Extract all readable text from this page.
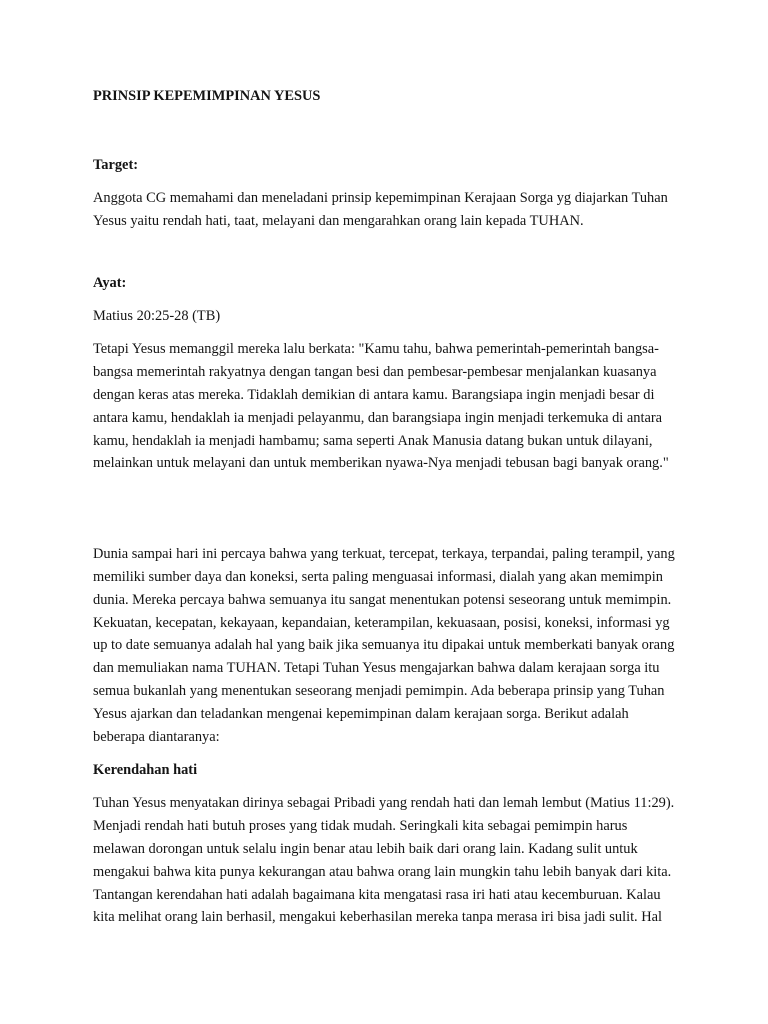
PRINSIP KEPEMIMPINAN YESUS
Target:

Anggota CG memahami dan meneladani prinsip kepemimpinan Kerajaan Sorga yg diajarkan Tuhan
Yesus yaitu rendah hati, taat, melayani dan mengarahkan orang lain kepada TUHAN.

Ayat:

Matius 20:25-28 (TB)

Tetapi Yesus memanggil mereka lalu berkata: "Kamu tahu, bahwa pemerintah-pemerintah bangsa-
bangsa memerintah rakyatnya dengan tangan besi dan pembesar-pembesar menjalankan kuasanya
dengan keras atas mereka. Tidaklah demikian di antara kamu. Barangsiapa ingin menjadi besar di
antara kamu, hendaklah ia menjadi pelayanmu, dan barangsiapa ingin menjadi terkemuka di antara
kamu, hendaklah ia menjadi hambamu; sama seperti Anak Manusia datang bukan untuk dilayani,
melainkan untuk melayani dan untuk memberikan nyawa-Nya menjadi tebusan bagi banyak orang."

Dunia sampai hari ini percaya bahwa yang terkuat, tercepat, terkaya, terpandai, paling terampil, yang
memiliki sumber daya dan koneksi, serta paling menguasai informasi, dialah yang akan memimpin
dunia. Mereka percaya bahwa semuanya itu sangat menentukan potensi seseorang untuk memimpin.
Kekuatan, kecepatan, kekayaan, kepandaian, keterampilan, kekuasaan, posisi, koneksi, informasi yg
up to date semuanya adalah hal yang baik jika semuanya itu dipakai untuk memberkati banyak orang
dan memuliakan nama TUHAN. Tetapi Tuhan Yesus mengajarkan bahwa dalam kerajaan sorga itu
semua bukanlah yang menentukan seseorang menjadi pemimpin. Ada beberapa prinsip yang Tuhan
Yesus ajarkan dan teladankan mengenai kepemimpinan dalam kerajaan sorga. Berikut adalah
beberapa diantaranya:

Kerendahan hati

Tuhan Yesus menyatakan dirinya sebagai Pribadi yang rendah hati dan lemah lembut (Matius 11:29).
Menjadi rendah hati butuh proses yang tidak mudah. Seringkali kita sebagai pemimpin harus
melawan dorongan untuk selalu ingin benar atau lebih baik dari orang lain. Kadang sulit untuk
mengakui bahwa kita punya kekurangan atau bahwa orang lain mungkin tahu lebih banyak dari kita.
Tantangan kerendahan hati adalah bagaimana kita mengatasi rasa iri hati atau kecemburuan. Kalau
kita melihat orang lain berhasil, mengakui keberhasilan mereka tanpa merasa iri bisa jadi sulit. Hal
